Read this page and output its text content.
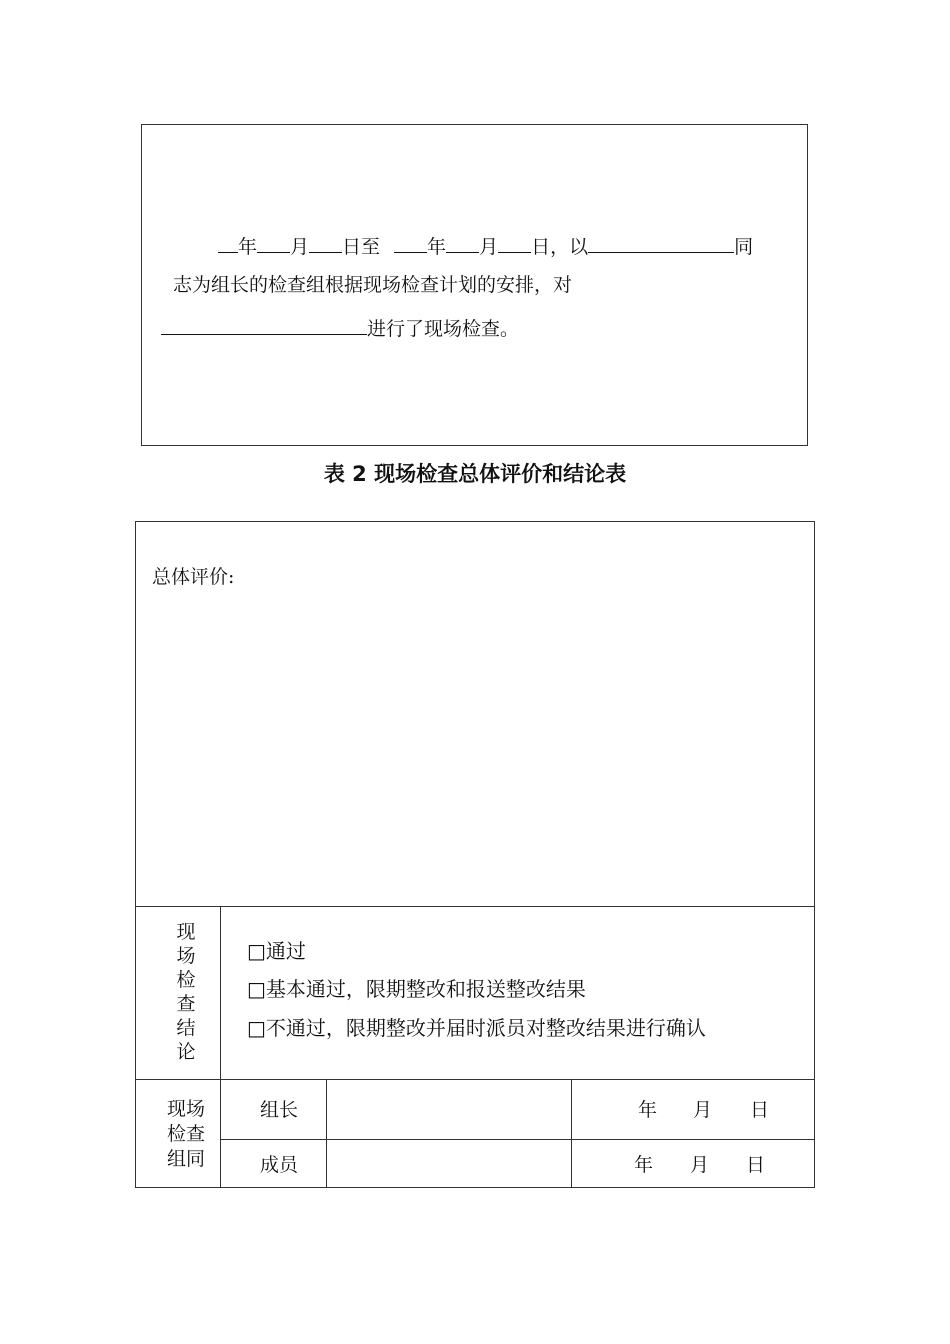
年 月 日至 年 月 日，以	同
志为组长的检查组根据现场检查计划的安排，对
进行了现场检查。
表 2 现场检查总体评价和结论表
总体评价:
现
场
检
查
结
论
□通过
□基本通过，限期整改和报送整改结果
□不通过，限期整改并届时派员对整改结果进行确认
现场
检查
组同
组长	年 月 日
成员	年 月 日
